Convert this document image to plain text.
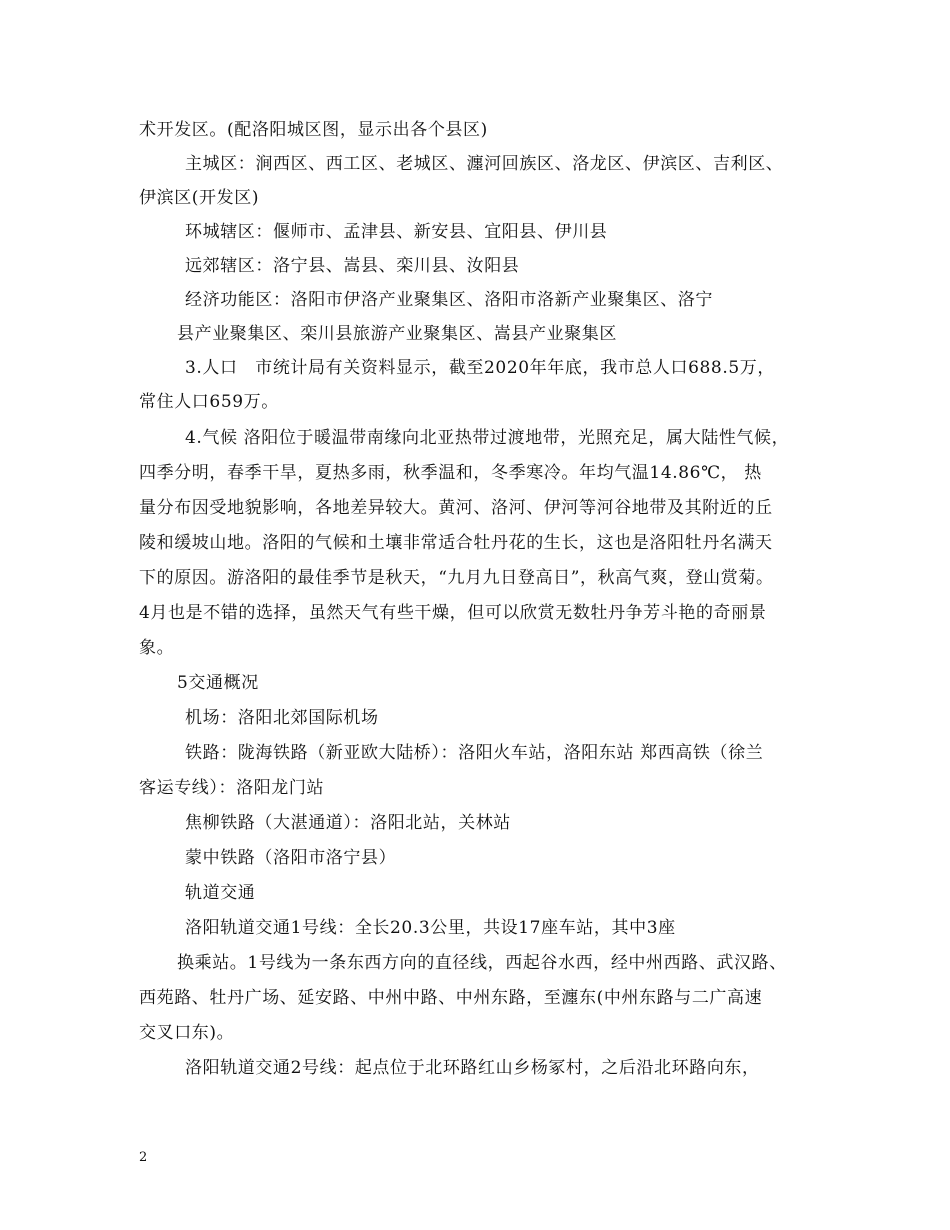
术开发区。(配洛阳城区图，显示出各个县区)
主城区：涧西区、西工区、老城区、瀍河回族区、洛龙区、伊滨区、吉利区、
伊滨区(开发区)
环城辖区：偃师市、孟津县、新安县、宜阳县、伊川县
远郊辖区：洛宁县、嵩县、栾川县、汝阳县
经济功能区：洛阳市伊洛产业聚集区、洛阳市洛新产业聚集区、洛宁
县产业聚集区、栾川县旅游产业聚集区、嵩县产业聚集区
3.人口　市统计局有关资料显示，截至2020年年底，我市总人口688.5万，
常住人口659万。
4.气候 洛阳位于暖温带南缘向北亚热带过渡地带，光照充足，属大陆性气候，
四季分明，春季干旱，夏热多雨，秋季温和，冬季寒冷。年均气温14.86℃， 热
量分布因受地貌影响，各地差异较大。黄河、洛河、伊河等河谷地带及其附近的丘
陵和缓坡山地。洛阳的气候和土壤非常适合牡丹花的生长，这也是洛阳牡丹名满天
下的原因。游洛阳的最佳季节是秋天，“九月九日登高日”，秋高气爽，登山赏菊。
4月也是不错的选择，虽然天气有些干燥，但可以欣赏无数牡丹争芳斗艳的奇丽景
象。
5交通概况
机场：洛阳北郊国际机场
铁路：陇海铁路（新亚欧大陆桥）：洛阳火车站，洛阳东站 郑西高铁（徐兰
客运专线）：洛阳龙门站
焦柳铁路（大湛通道）：洛阳北站，关林站
蒙中铁路（洛阳市洛宁县）
轨道交通
洛阳轨道交通1号线：全长20.3公里，共设17座车站，其中3座
换乘站。1号线为一条东西方向的直径线，西起谷水西，经中州西路、武汉路、
西苑路、牡丹广场、延安路、中州中路、中州东路，至瀍东(中州东路与二广高速
交叉口东)。
洛阳轨道交通2号线：起点位于北环路红山乡杨冢村，之后沿北环路向东，
2
